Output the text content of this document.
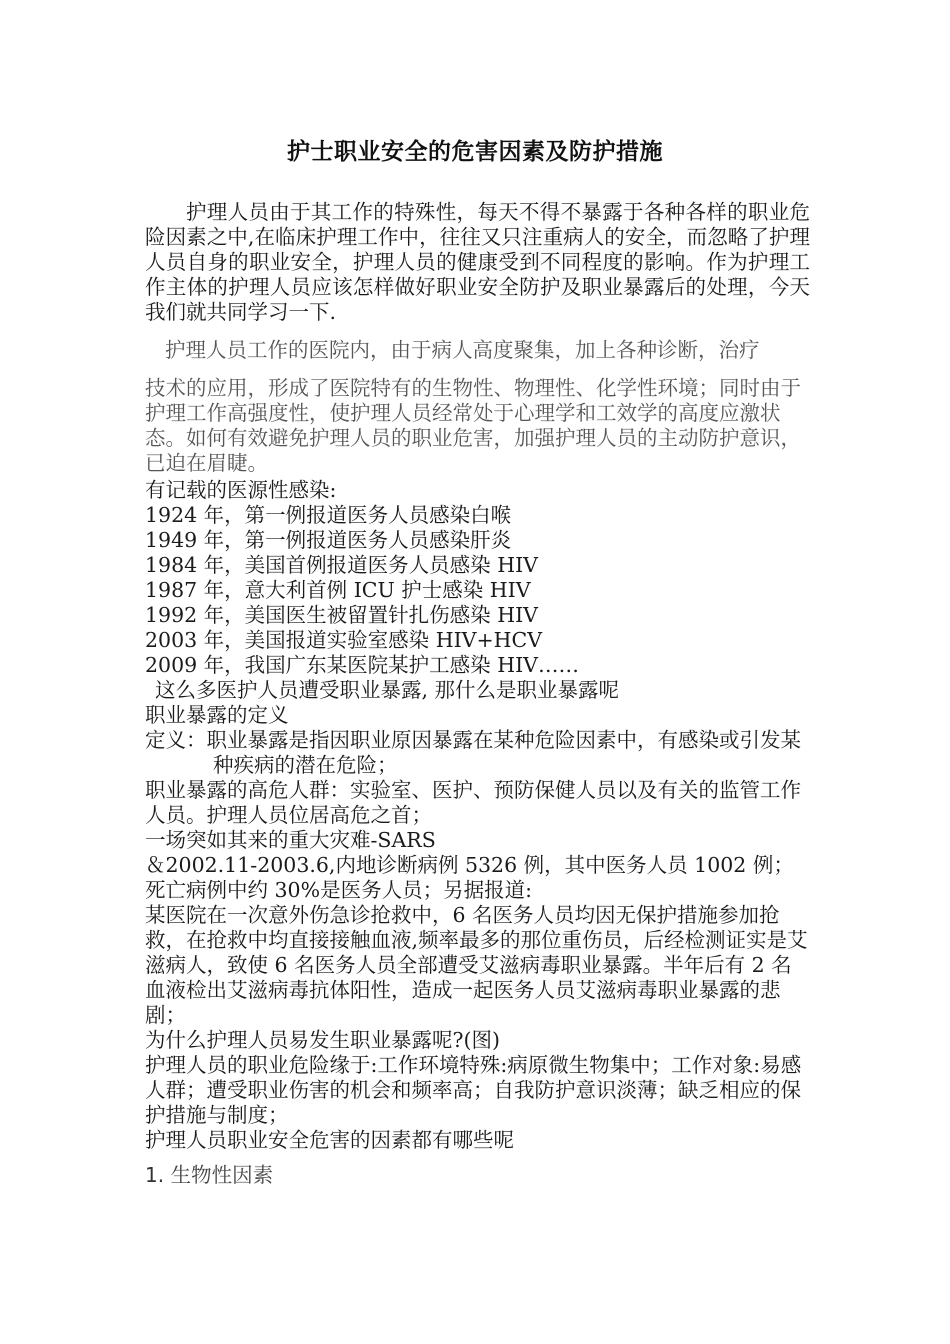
护士职业安全的危害因素及防护措施
护理人员由于其工作的特殊性，每天不得不暴露于各种各样的职业危险因素之中,在临床护理工作中，往往又只注重病人的安全，而忽略了护理人员自身的职业安全，护理人员的健康受到不同程度的影响。作为护理工作主体的护理人员应该怎样做好职业安全防护及职业暴露后的处理，今天我们就共同学习一下.
护理人员工作的医院内，由于病人高度聚集，加上各种诊断，治疗
技术的应用，形成了医院特有的生物性、物理性、化学性环境；同时由于护理工作高强度性，使护理人员经常处于心理学和工效学的高度应激状态。如何有效避免护理人员的职业危害，加强护理人员的主动防护意识，已迫在眉睫。
有记载的医源性感染:
1924 年，第一例报道医务人员感染白喉
1949 年，第一例报道医务人员感染肝炎
1984 年，美国首例报道医务人员感染 HIV
1987 年，意大利首例 ICU 护士感染 HIV
1992 年，美国医生被留置针扎伤感染 HIV
2003 年，美国报道实验室感染 HIV+HCV
2009 年，我国广东某医院某护工感染 HIV……
这么多医护人员遭受职业暴露, 那什么是职业暴露呢
职业暴露的定义
定义：职业暴露是指因职业原因暴露在某种危险因素中，有感染或引发某种疾病的潜在危险；
职业暴露的高危人群：实验室、医护、预防保健人员以及有关的监管工作人员。护理人员位居高危之首；
一场突如其来的重大灾难-SARS
＆2002.11-2003.6,内地诊断病例 5326 例，其中医务人员 1002 例；死亡病例中约 30%是医务人员；另据报道:
某医院在一次意外伤急诊抢救中，6 名医务人员均因无保护措施参加抢救，在抢救中均直接接触血液,频率最多的那位重伤员，后经检测证实是艾滋病人，致使 6 名医务人员全部遭受艾滋病毒职业暴露。半年后有 2 名血液检出艾滋病毒抗体阳性，造成一起医务人员艾滋病毒职业暴露的悲剧；
为什么护理人员易发生职业暴露呢?(图)
护理人员的职业危险缘于:工作环境特殊:病原微生物集中；工作对象:易感人群；遭受职业伤害的机会和频率高；自我防护意识淡薄；缺乏相应的保护措施与制度；
护理人员职业安全危害的因素都有哪些呢
1. 生物性因素
